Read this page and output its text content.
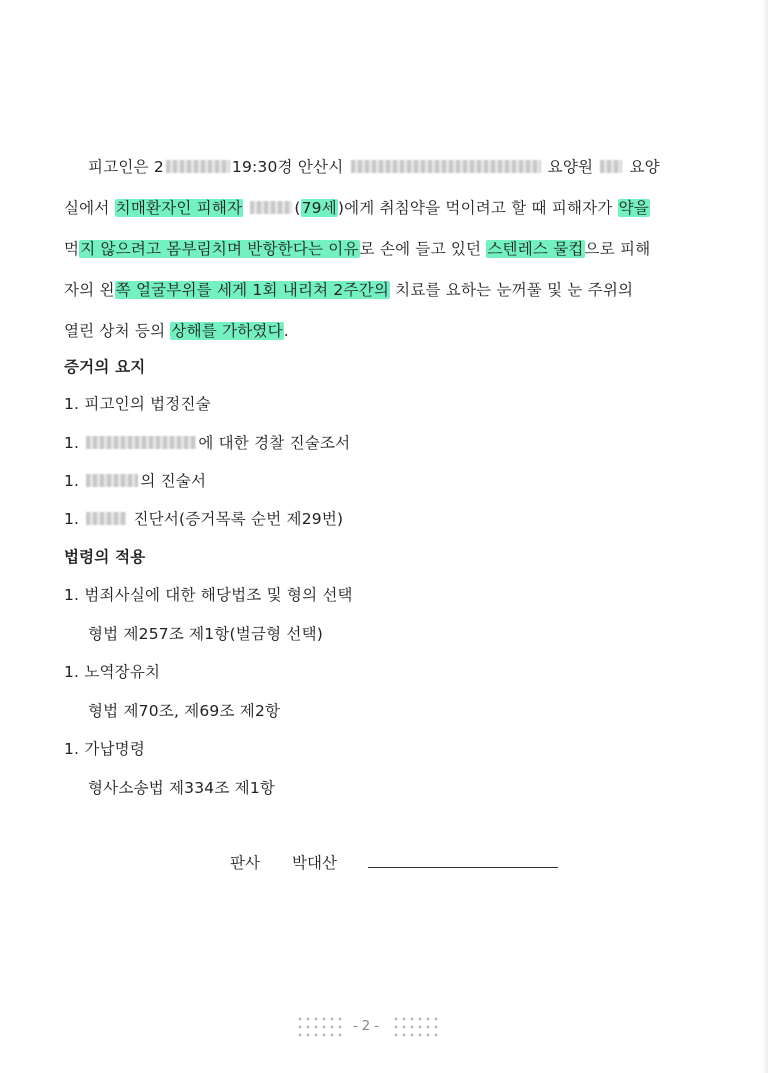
피고인은 2	19:30경 안산시	요양원 요양
실에서 치매환자인 피해자	(79세)에게 취침약을 먹이려고 할 때 피해자가 약을
먹지 않으려고 몸부림치며 반항한다는 이유로 손에 들고 있던 스텐레스 물컵으로 피해
자의 왼쪽 얼굴부위를 세게 1회 내리쳐 2주간의 치료를 요하는 눈꺼풀 및 눈 주위의
열린 상처 등의 상해를 가하였다.
증거의 요지
1. 피고인의 법정진술
1.	에 대한 경찰 진술조서
1.	의 진술서
1.	진단서(증거목록 순번 제29번)
법령의 적용
1. 범죄사실에 대한 해당법조 및 형의 선택
형법 제257조 제1항(벌금형 선택)
1. 노역장유치
형법 제70조, 제69조 제2항
1. 가납명령
형사소송법 제334조 제1항
판사 박대산
- 2 -
